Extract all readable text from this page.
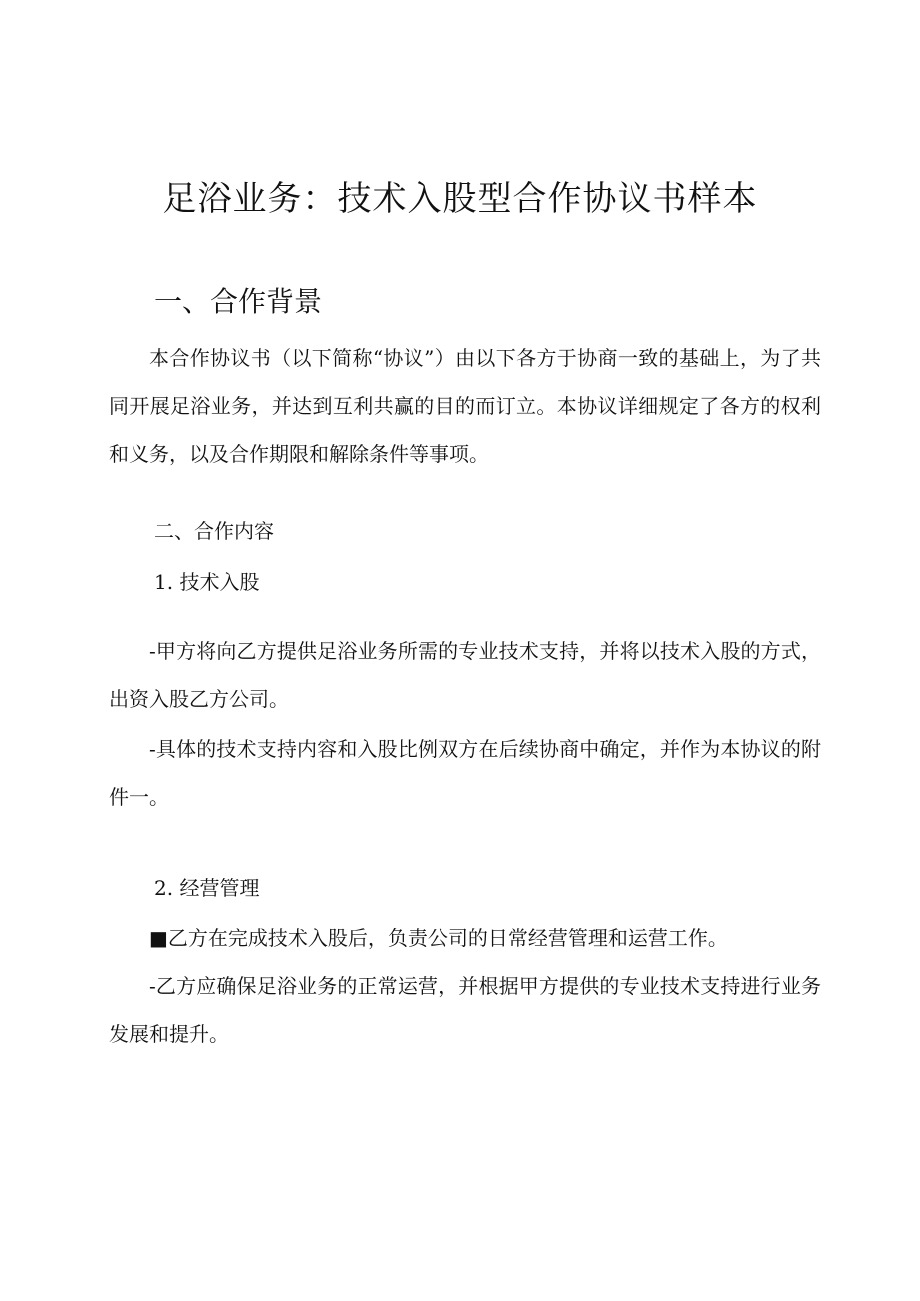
足浴业务：技术入股型合作协议书样本
一、合作背景

本合作协议书（以下简称“协议”）由以下各方于协商一致的基础上，为了共同开展足浴业务，并达到互利共赢的目的而订立。本协议详细规定了各方的权利和义务，以及合作期限和解除条件等事项。

二、合作内容

1. 技术入股

-甲方将向乙方提供足浴业务所需的专业技术支持，并将以技术入股的方式，出资入股乙方公司。

-具体的技术支持内容和入股比例双方在后续协商中确定，并作为本协议的附件一。

2. 经营管理

■乙方在完成技术入股后，负责公司的日常经营管理和运营工作。

-乙方应确保足浴业务的正常运营，并根据甲方提供的专业技术支持进行业务发展和提升。
